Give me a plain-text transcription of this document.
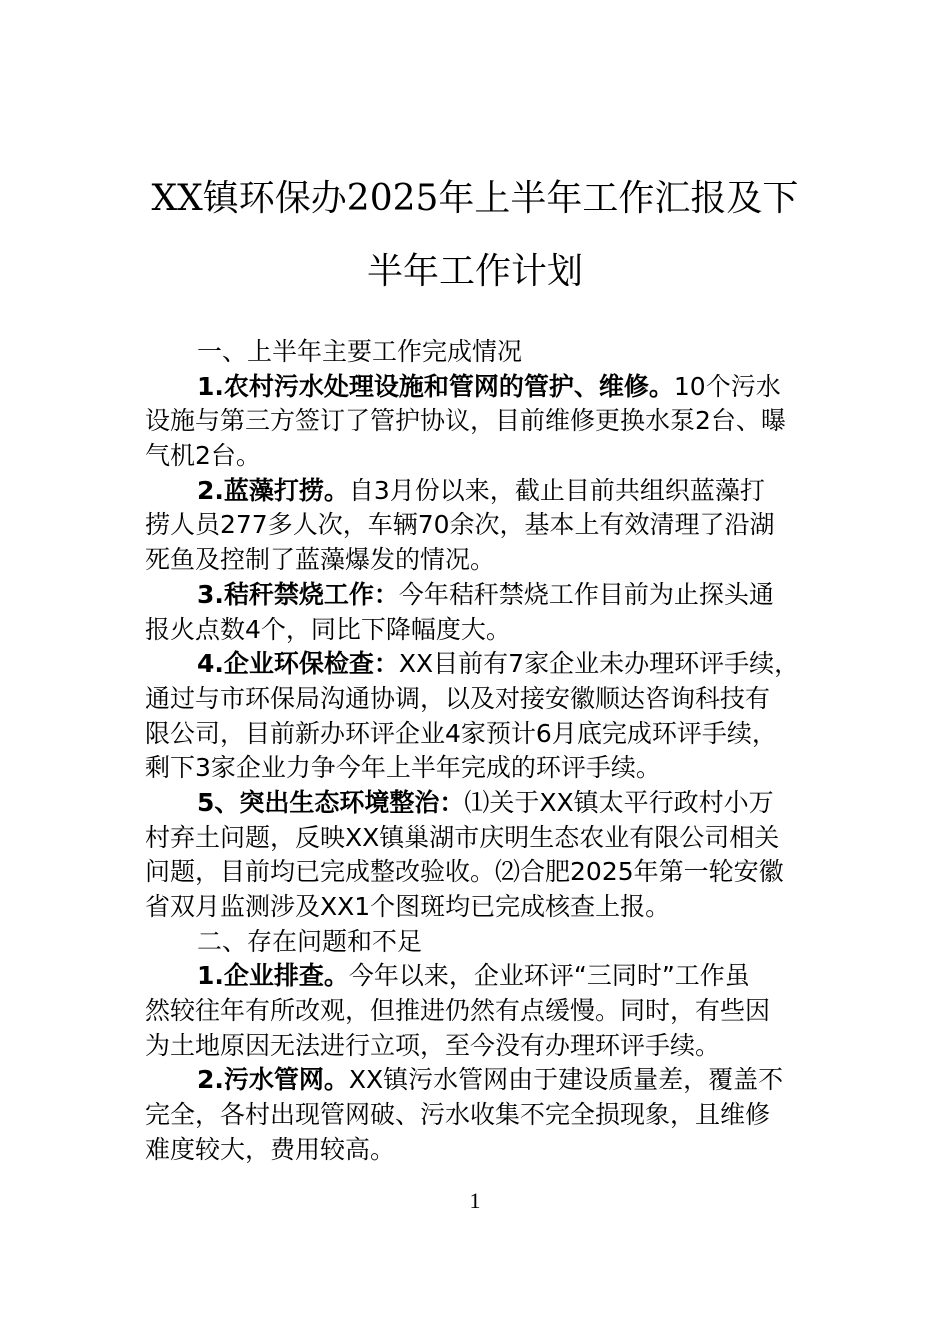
XX镇环保办2025年上半年工作汇报及下
半年工作计划
一、上半年主要工作完成情况
1.农村污水处理设施和管网的管护、维修。10个污水
设施与第三方签订了管护协议，目前维修更换水泵2台、曝
气机2台。
2.蓝藻打捞。自3月份以来，截止目前共组织蓝藻打
捞人员277多人次，车辆70余次，基本上有效清理了沿湖
死鱼及控制了蓝藻爆发的情况。
3.秸秆禁烧工作：今年秸秆禁烧工作目前为止探头通
报火点数4个，同比下降幅度大。
4.企业环保检查：XX目前有7家企业未办理环评手续，
通过与市环保局沟通协调，以及对接安徽顺达咨询科技有
限公司，目前新办环评企业4家预计6月底完成环评手续，
剩下3家企业力争今年上半年完成的环评手续。
5、突出生态环境整治：⑴关于XX镇太平行政村小万
村弃土问题，反映XX镇巢湖市庆明生态农业有限公司相关
问题，目前均已完成整改验收。⑵合肥2025年第一轮安徽
省双月监测涉及XX1个图斑均已完成核查上报。
二、存在问题和不足
1.企业排查。今年以来，企业环评“三同时”工作虽
然较往年有所改观，但推进仍然有点缓慢。同时，有些因
为土地原因无法进行立项，至今没有办理环评手续。
2.污水管网。XX镇污水管网由于建设质量差，覆盖不
完全，各村出现管网破、污水收集不完全损现象，且维修
难度较大，费用较高。
1
